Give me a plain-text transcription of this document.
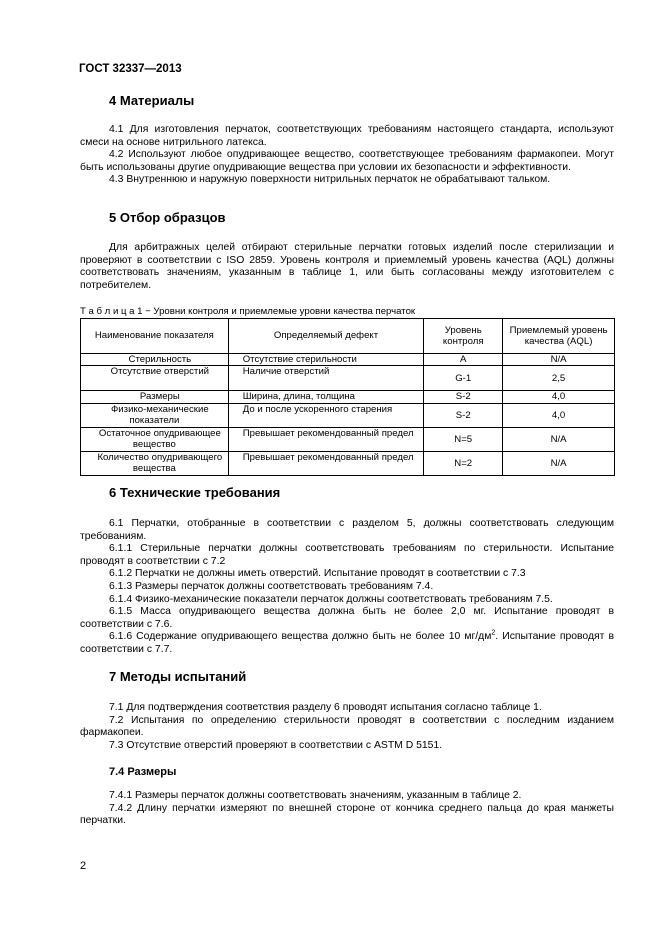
ГОСТ 32337—2013
4 Материалы

4.1 Для изготовления перчаток, соответствующих требованиям настоящего стандарта, используют смеси на основе нитрильного латекса.

4.2 Используют любое опудривающее вещество, соответствующее требованиям фармакопеи. Могут быть использованы другие опудривающие вещества при условии их безопасности и эффективности.

4.3 Внутреннюю и наружную поверхности нитрильных перчаток не обрабатывают тальком.

5 Отбор образцов

Для арбитражных целей отбирают стерильные перчатки готовых изделий после стерилизации и проверяют в соответствии с ISO 2859. Уровень контроля и приемлемый уровень качества (AQL) должны соответствовать значениям, указанным в таблице 1, или быть согласованы между изготовителем с потребителем.

Т а б л и ц а 1 − Уровни контроля и приемлемые уровни качества перчаток
Наименование показателя	Определяемый дефект	Уровень контроля	Приемлемый уровень качества (AQL)
Стерильность	Отсутствие стерильности	A	N/A
Отсутствие отверстий	Наличие отверстий	G-1	2,5
Размеры	Ширина, длина, толщина	S-2	4,0
Физико-механические показатели	До и после ускоренного старения	S-2	4,0
Остаточное опудривающее вещество	Превышает рекомендованный предел	N=5	N/A
Количество опудривающего вещества	Превышает рекомендованный предел	N=2	N/A
6 Технические требования

6.1 Перчатки, отобранные в соответствии с разделом 5, должны соответствовать следующим требованиям.

6.1.1 Стерильные перчатки должны соответствовать требованиям по стерильности. Испытание проводят в соответствии с 7.2

6.1.2 Перчатки не должны иметь отверстий. Испытание проводят в соответствии с 7.3

6.1.3 Размеры перчаток должны соответствовать требованиям 7.4.

6.1.4 Физико-механические показатели перчаток должны соответствовать требованиям 7.5.

6.1.5 Масса опудривающего вещества должна быть не более 2,0 мг. Испытание проводят в соответствии с 7.6.

6.1.6 Содержание опудривающего вещества должно быть не более 10 $мг/дм^2$. Испытание проводят в соответствии с 7.7.

7 Методы испытаний

7.1 Для подтверждения соответствия разделу 6 проводят испытания согласно таблице 1.

7.2 Испытания по определению стерильности проводят в соответствии с последним изданием фармакопеи.

7.3 Отсутствие отверстий проверяют в соответствии с ASTM D 5151.

7.4 Размеры

7.4.1 Размеры перчаток должны соответствовать значениям, указанным в таблице 2.

7.4.2 Длину перчатки измеряют по внешней стороне от кончика среднего пальца до края манжеты перчатки.

2
